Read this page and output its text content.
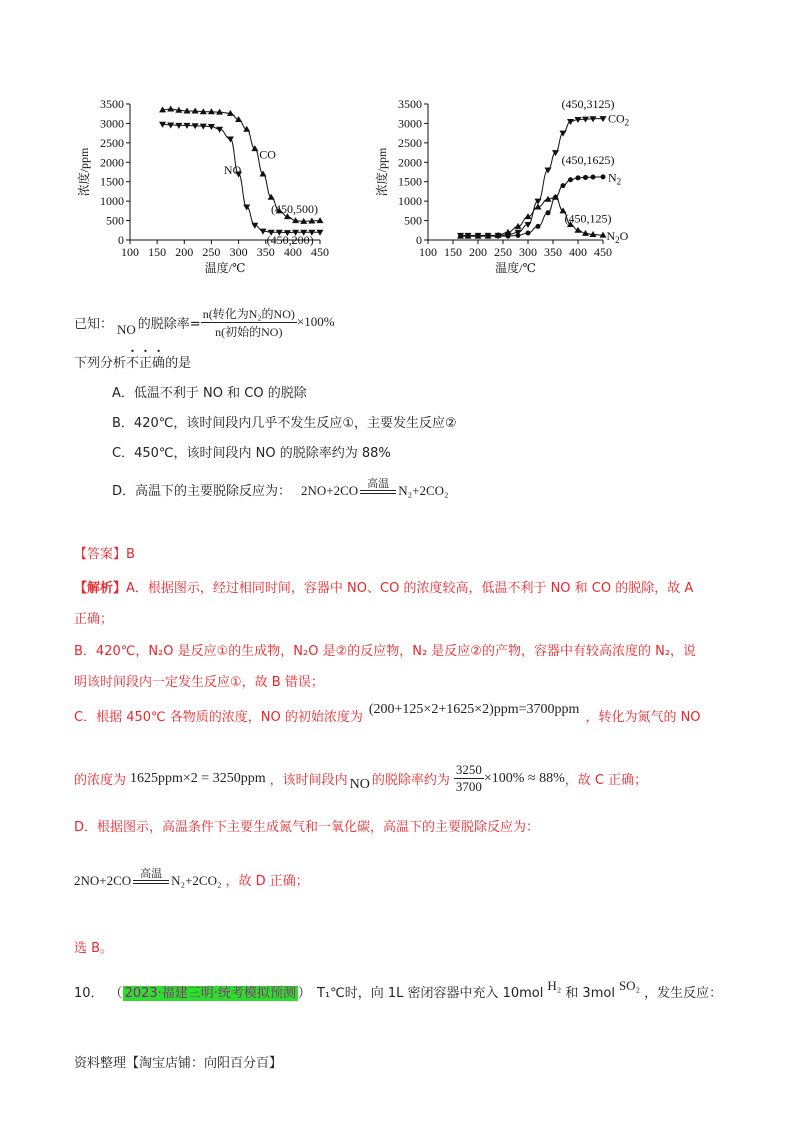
100 150 200 250 300 350 400 450
0
500
1000
1500
2000
2500
3000
3500
温度/℃
浓度/ppm	CO
NO
(450,500)
(450,200)
100 150 200 250 300 350 400 450
0
500
1000
1500
2000
2500
3000
3500
温度/℃
浓度/ppm
$CO_2$
$N_2$
$N_2O$
(450,3125)
(450,1625)
(450,125)
已知： NO 的脱除率= $\frac{\text{n(转化为N₂的NO)}}{\text{n(初始的NO)}} \times 100\%$
下列分析不正确的是
A．低温不利于 NO 和 CO 的脱除
B．420℃，该时间段内几乎不发生反应①，主要发生反应②
C．450℃，该时间段内 NO 的脱除率约为 88%
D．高温下的主要脱除反应为： 2NO+2CO 高温 N₂+2CO₂
【答案】B
【解析】A．根据图示，经过相同时间，容器中 NO、CO 的浓度较高，低温不利于 NO 和 CO 的脱除，故 A
正确；
B．420℃，N₂O 是反应①的生成物，N₂O 是②的反应物，N₂ 是反应②的产物，容器中有较高浓度的 N₂，说
明该时间段内一定发生反应①，故 B 错误；
C．根据 450℃ 各物质的浓度，NO 的初始浓度为
(200+125×2+1625×2)ppm=3700ppm
，转化为氮气的 NO
的浓度为 1625ppm×2 = 3250ppm ，该时间段内 NO 的脱除率约为 $\frac{3250}{3700} \times 100\% \approx 88\%$ ，故 C 正确；
D．根据图示，高温条件下主要生成氮气和一氧化碳，高温下的主要脱除反应为：
2NO+2CO 高温 N₂+2CO₂ ，故 D 正确；
选 B。
10． （ 2023·福建三明·统考模拟预测 ） T₁℃时，向 1L 密闭容器中充入 10mol
H₂
和 3mol
SO₂
，发生反应：
资料整理【淘宝店铺：向阳百分百】
